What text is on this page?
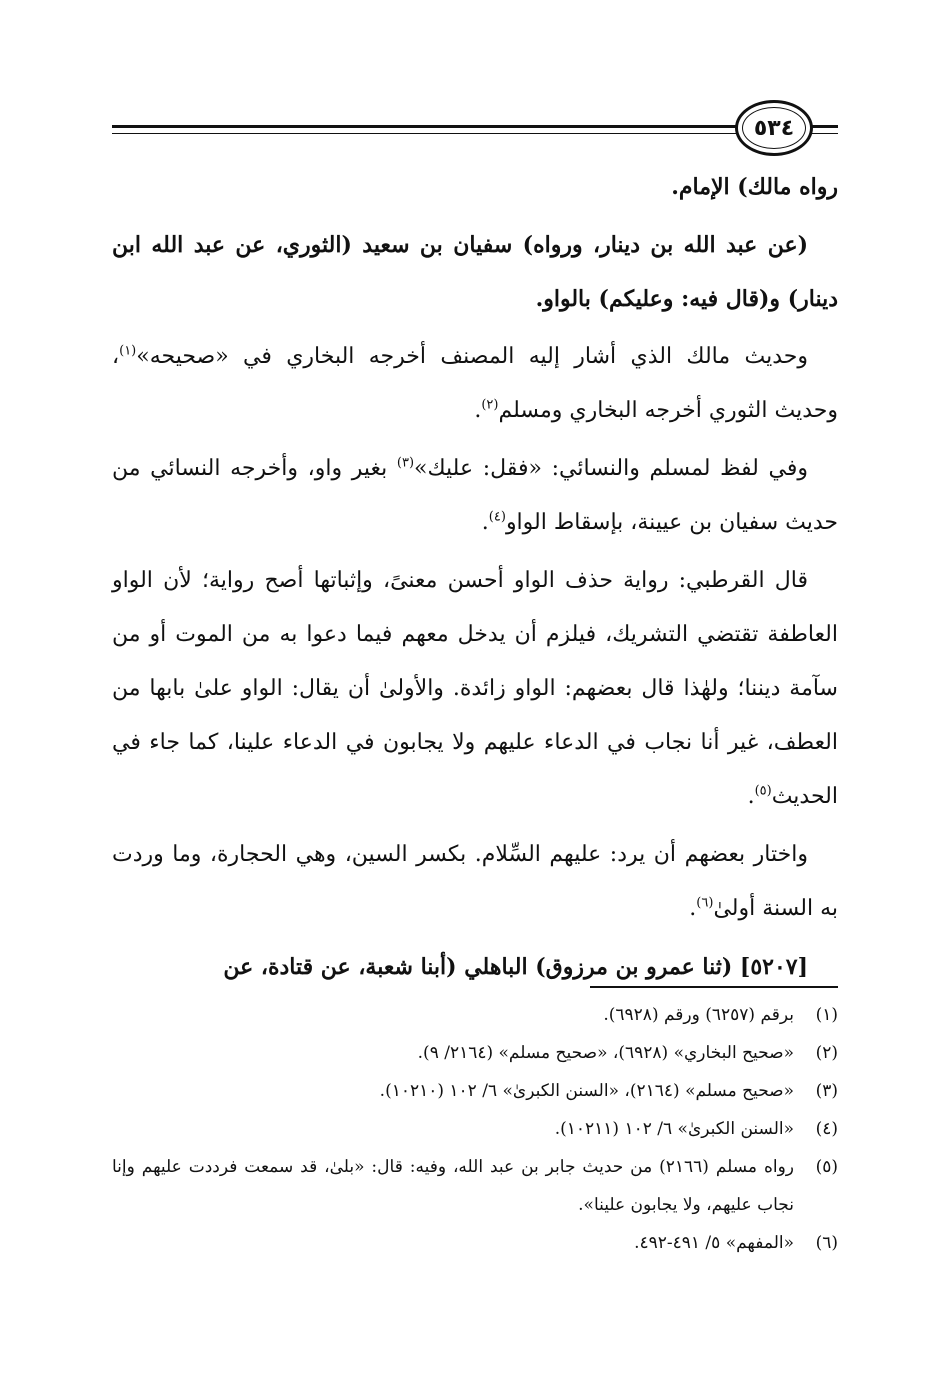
٥٣٤

رواه مالك) الإمام.

(عن عبد الله بن دينار، ورواه) سفيان بن سعيد (الثوري، عن عبد الله ابن دينار) و(قال فيه: وعليكم) بالواو.

وحديث مالك الذي أشار إليه المصنف أخرجه البخاري في «صحيحه»$^{(١)}$، وحديث الثوري أخرجه البخاري ومسلم$^{(٢)}$.

وفي لفظ لمسلم والنسائي: «فقل: عليك»$^{(٣)}$ بغير واو، وأخرجه النسائي من حديث سفيان بن عيينة، بإسقاط الواو$^{(٤)}$.

قال القرطبي: رواية حذف الواو أحسن معنىً، وإثباتها أصح رواية؛ لأن الواو العاطفة تقتضي التشريك، فيلزم أن يدخل معهم فيما دعوا به من الموت أو من سآمة ديننا؛ ولهٰذا قال بعضهم: الواو زائدة. والأولىٰ أن يقال: الواو علىٰ بابها من العطف، غير أنا نجاب في الدعاء عليهم ولا يجابون في الدعاء علينا، كما جاء في الحديث$^{(٥)}$.

واختار بعضهم أن يرد: عليهم السِّلام. بكسر السين، وهي الحجارة، وما وردت به السنة أولىٰ$^{(٦)}$.

[٥٢٠٧] (ثنا عمرو بن مرزوق) الباهلي (أبنا شعبة، عن قتادة، عن

(١)
برقم (٦٢٥٧) ورقم (٦٩٢٨).
(٢)
«صحيح البخاري» (٦٩٢٨)، «صحيح مسلم» (٢١٦٤/ ٩).
(٣)
«صحيح مسلم» (٢١٦٤)، «السنن الكبرىٰ» ٦/ ١٠٢ (١٠٢١٠).
(٤)
«السنن الكبرىٰ» ٦/ ١٠٢ (١٠٢١١).
(٥)
رواه مسلم (٢١٦٦) من حديث جابر بن عبد الله، وفيه: قال: «بلىٰ، قد سمعت فرددت عليهم وإنا نجاب عليهم، ولا يجابون علينا».
(٦)
«المفهم» ٥/ ٤٩١-٤٩٢.
